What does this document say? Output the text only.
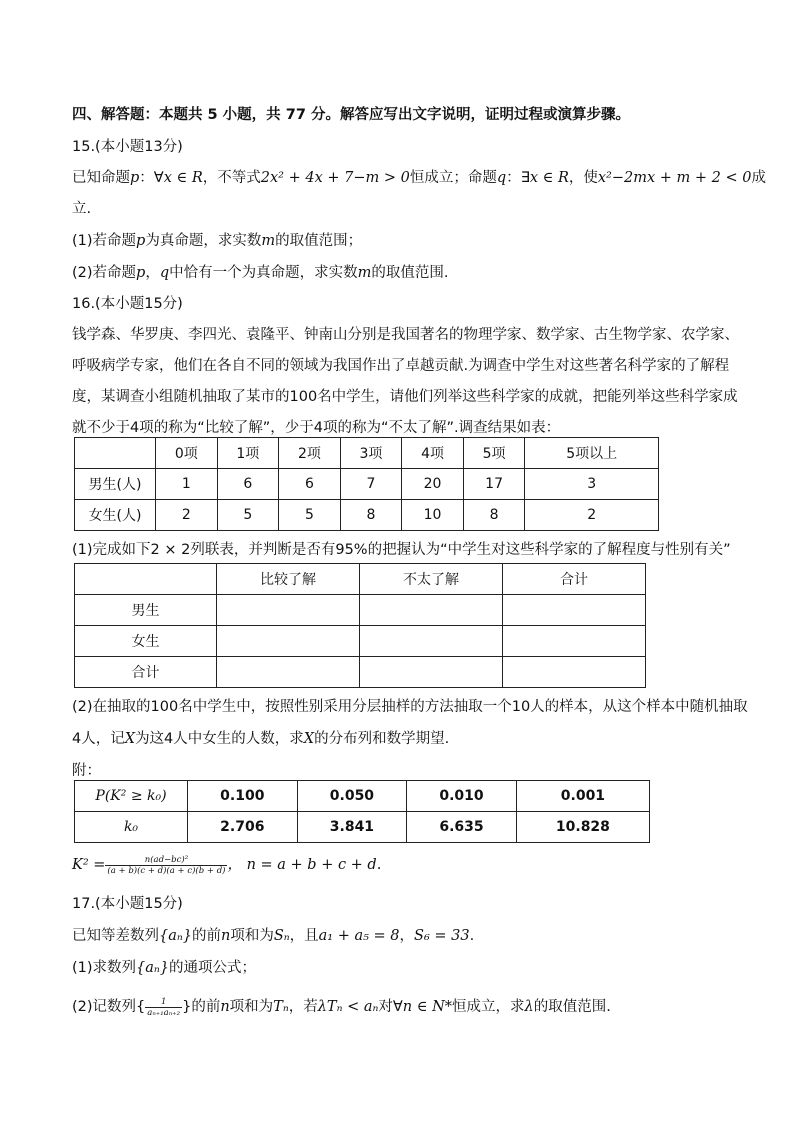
四、解答题：本题共 5 小题，共 77 分。解答应写出文字说明，证明过程或演算步骤。
15.(本小题13分)
已知命题p：∀x ∈ R，不等式2x² + 4x + 7−m > 0恒成立；命题q：∃x ∈ R，使x²−2mx + m + 2 < 0成
立.
(1)若命题p为真命题，求实数m的取值范围；
(2)若命题p，q中恰有一个为真命题，求实数m的取值范围.
16.(本小题15分)
钱学森、华罗庚、李四光、袁隆平、钟南山分别是我国著名的物理学家、数学家、古生物学家、农学家、
呼吸病学专家，他们在各自不同的领域为我国作出了卓越贡献.为调查中学生对这些著名科学家的了解程
度，某调查小组随机抽取了某市的100名中学生，请他们列举这些科学家的成就，把能列举这些科学家成
就不少于4项的称为“比较了解”，少于4项的称为“不太了解”.调查结果如表：
	0项	1项	2项	3项	4项	5项	5项以上
男生(人)	1	6	6	7	20	17	3
女生(人)	2	5	5	8	10	8	2
(1)完成如下2 × 2列联表，并判断是否有95%的把握认为“中学生对这些科学家的了解程度与性别有关”
	比较了解	不太了解	合计
男生			
女生			
合计			
(2)在抽取的100名中学生中，按照性别采用分层抽样的方法抽取一个10人的样本，从这个样本中随机抽取
4人，记X为这4人中女生的人数，求X的分布列和数学期望.
附：
P(K² ≥ k₀)	0.100	0.050	0.010	0.001
k₀	2.706	3.841	6.635	10.828
$K^2 = \frac{\text{n(ad−bc)²}}{(a + b)(c + d)(a + c)(b + d)}$ ， n = a + b + c + d.
17.(本小题15分)
已知等差数列{aₙ}的前n项和为Sₙ，且a₁ + a₅ = 8，S₆ = 33.
(1)求数列{aₙ}的通项公式；
(2)记数列{ $\frac{1}{\text{aₙ₊₁aₙ₊₂}}$ }的前n项和为Tₙ，若λTₙ < aₙ对∀n ∈ N*恒成立，求λ的取值范围.
